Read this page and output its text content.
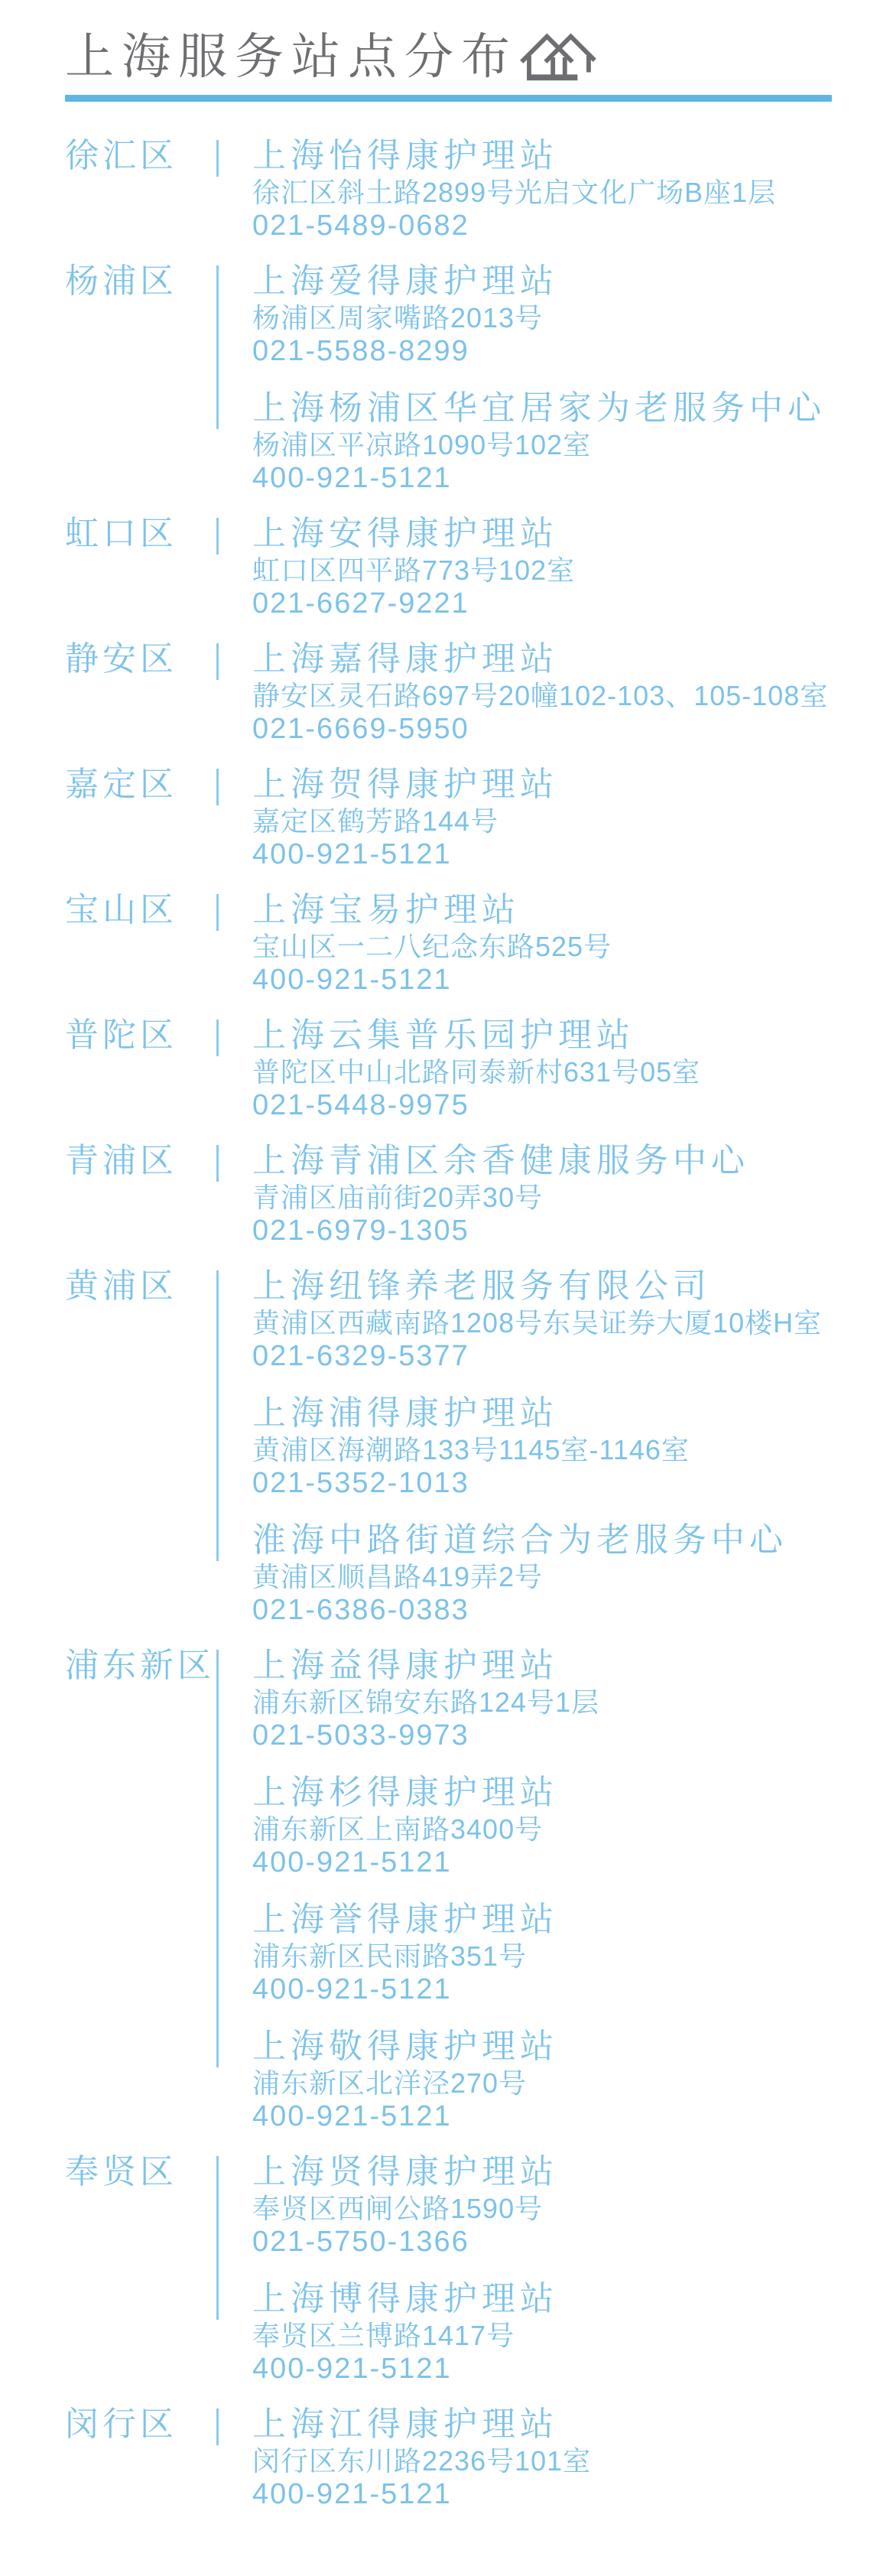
上海服务站点分布
徐汇区	上海怡得康护理站
徐汇区斜土路2899号光启文化广场B座1层
021-5489-0682
杨浦区	上海爱得康护理站
杨浦区周家嘴路2013号
021-5588-8299
上海杨浦区华宜居家为老服务中心
杨浦区平凉路1090号102室
400-921-5121
虹口区	上海安得康护理站
虹口区四平路773号102室
021-6627-9221
静安区	上海嘉得康护理站
静安区灵石路697号20幢102-103、105-108室
021-6669-5950
嘉定区	上海贺得康护理站
嘉定区鹤芳路144号
400-921-5121
宝山区	上海宝易护理站
宝山区一二八纪念东路525号
400-921-5121
普陀区	上海云集普乐园护理站
普陀区中山北路同泰新村631号05室
021-5448-9975
青浦区	上海青浦区余香健康服务中心
青浦区庙前街20弄30号
021-6979-1305
黄浦区	上海纽锋养老服务有限公司
黄浦区西藏南路1208号东吴证券大厦10楼H室
021-6329-5377
上海浦得康护理站
黄浦区海潮路133号1145室-1146室
021-5352-1013
淮海中路街道综合为老服务中心
黄浦区顺昌路419弄2号
021-6386-0383
浦东新区 上海益得康护理站
浦东新区锦安东路124号1层
021-5033-9973
上海杉得康护理站
浦东新区上南路3400号
400-921-5121
上海誉得康护理站
浦东新区民雨路351号
400-921-5121
上海敬得康护理站
浦东新区北洋泾270号
400-921-5121
奉贤区	上海贤得康护理站
奉贤区西闸公路1590号
021-5750-1366
上海博得康护理站
奉贤区兰博路1417号
400-921-5121
闵行区	上海江得康护理站
闵行区东川路2236号101室
400-921-5121
